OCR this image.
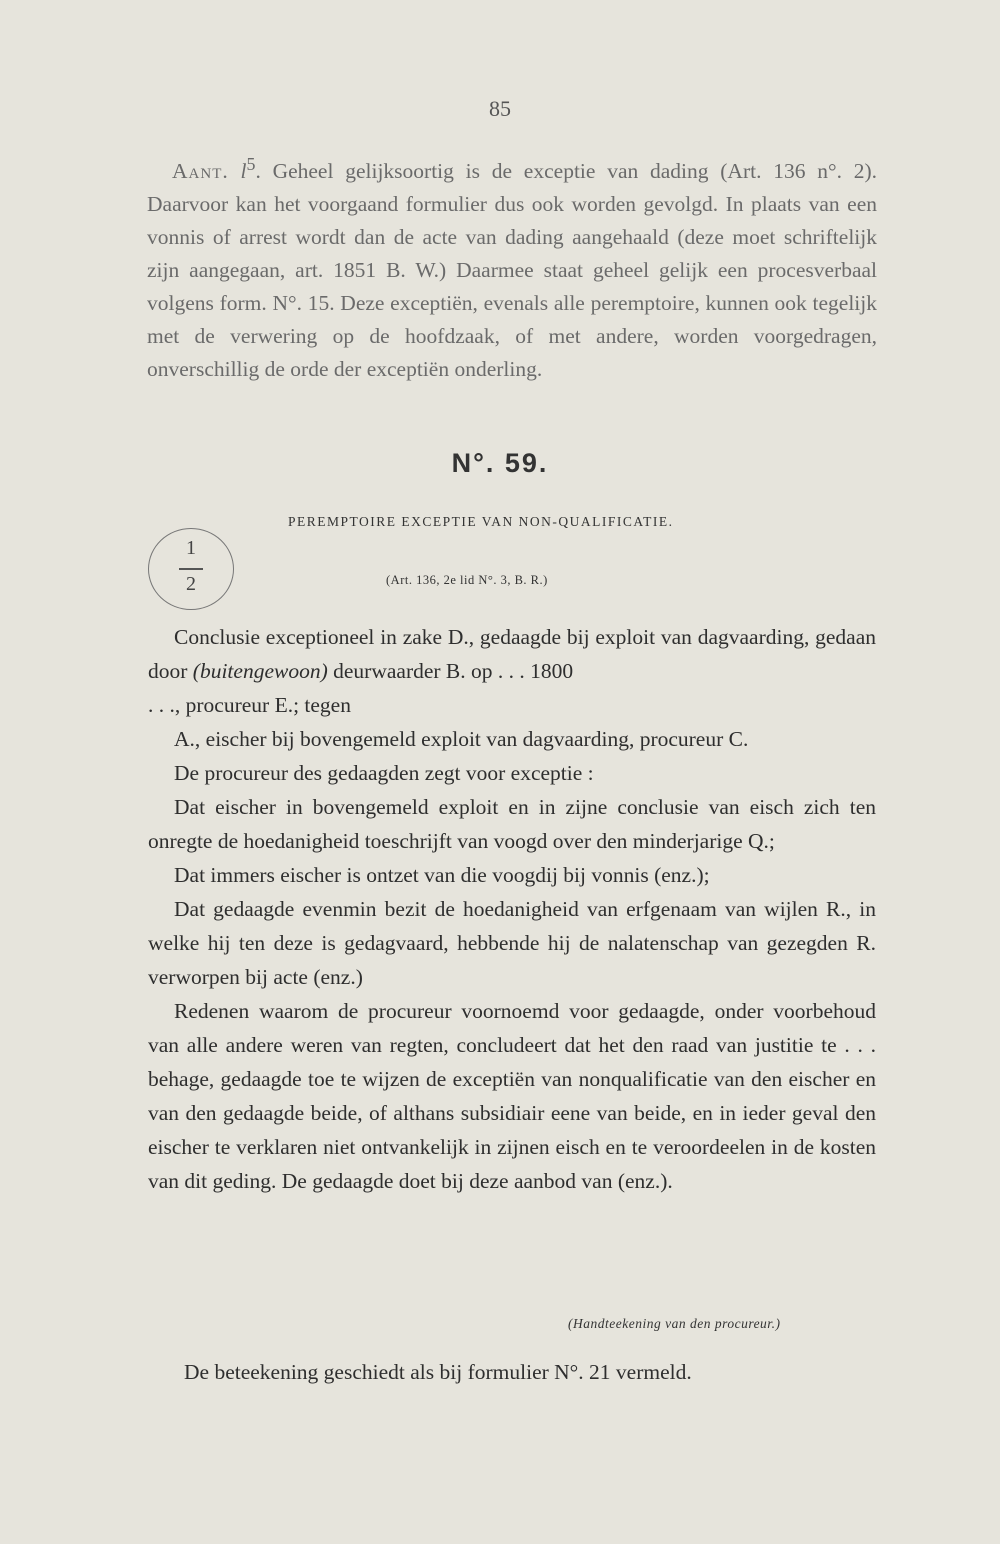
85
Aant. $l^5$. Geheel gelijksoortig is de exceptie van dading (Art. 136 n°. 2). Daarvoor kan het voorgaand formulier dus ook worden gevolgd. In plaats van een vonnis of arrest wordt dan de acte van dading aangehaald (deze moet schriftelijk zijn aangegaan, art. 1851 B. W.) Daarmee staat geheel gelijk een procesverbaal volgens form. N°. 15. Deze exceptiën, evenals alle peremptoire, kunnen ook tegelijk met de verwering op de hoofdzaak, of met andere, worden voorgedragen, onverschillig de orde der exceptiën onderling.
N°. 59.
PEREMPTOIRE EXCEPTIE VAN NON-QUALIFICATIE.
1
2	(Art. 136, 2e lid N°. 3, B. R.)

Conclusie exceptioneel in zake D., gedaagde bij exploit van dagvaarding, gedaan door (buitengewoon) deurwaarder B. op . . . 1800

. . ., procureur E.; tegen

A., eischer bij bovengemeld exploit van dagvaarding, procureur C.

De procureur des gedaagden zegt voor exceptie :

Dat eischer in bovengemeld exploit en in zijne conclusie van eisch zich ten onregte de hoedanigheid toeschrijft van voogd over den minderjarige Q.;

Dat immers eischer is ontzet van die voogdij bij vonnis (enz.);

Dat gedaagde evenmin bezit de hoedanigheid van erfgenaam van wijlen R., in welke hij ten deze is gedagvaard, hebbende hij de nalatenschap van gezegden R. verworpen bij acte (enz.)

Redenen waarom de procureur voornoemd voor gedaagde, onder voorbehoud van alle andere weren van regten, concludeert dat het den raad van justitie te . . . behage, gedaagde toe te wijzen de exceptiën van nonqualificatie van den eischer en van den gedaagde beide, of althans subsidiair eene van beide, en in ieder geval den eischer te verklaren niet ontvankelijk in zijnen eisch en te veroordeelen in de kosten van dit geding. De gedaagde doet bij deze aanbod van (enz.).

(Handteekening van den procureur.)
De beteekening geschiedt als bij formulier N°. 21 vermeld.
